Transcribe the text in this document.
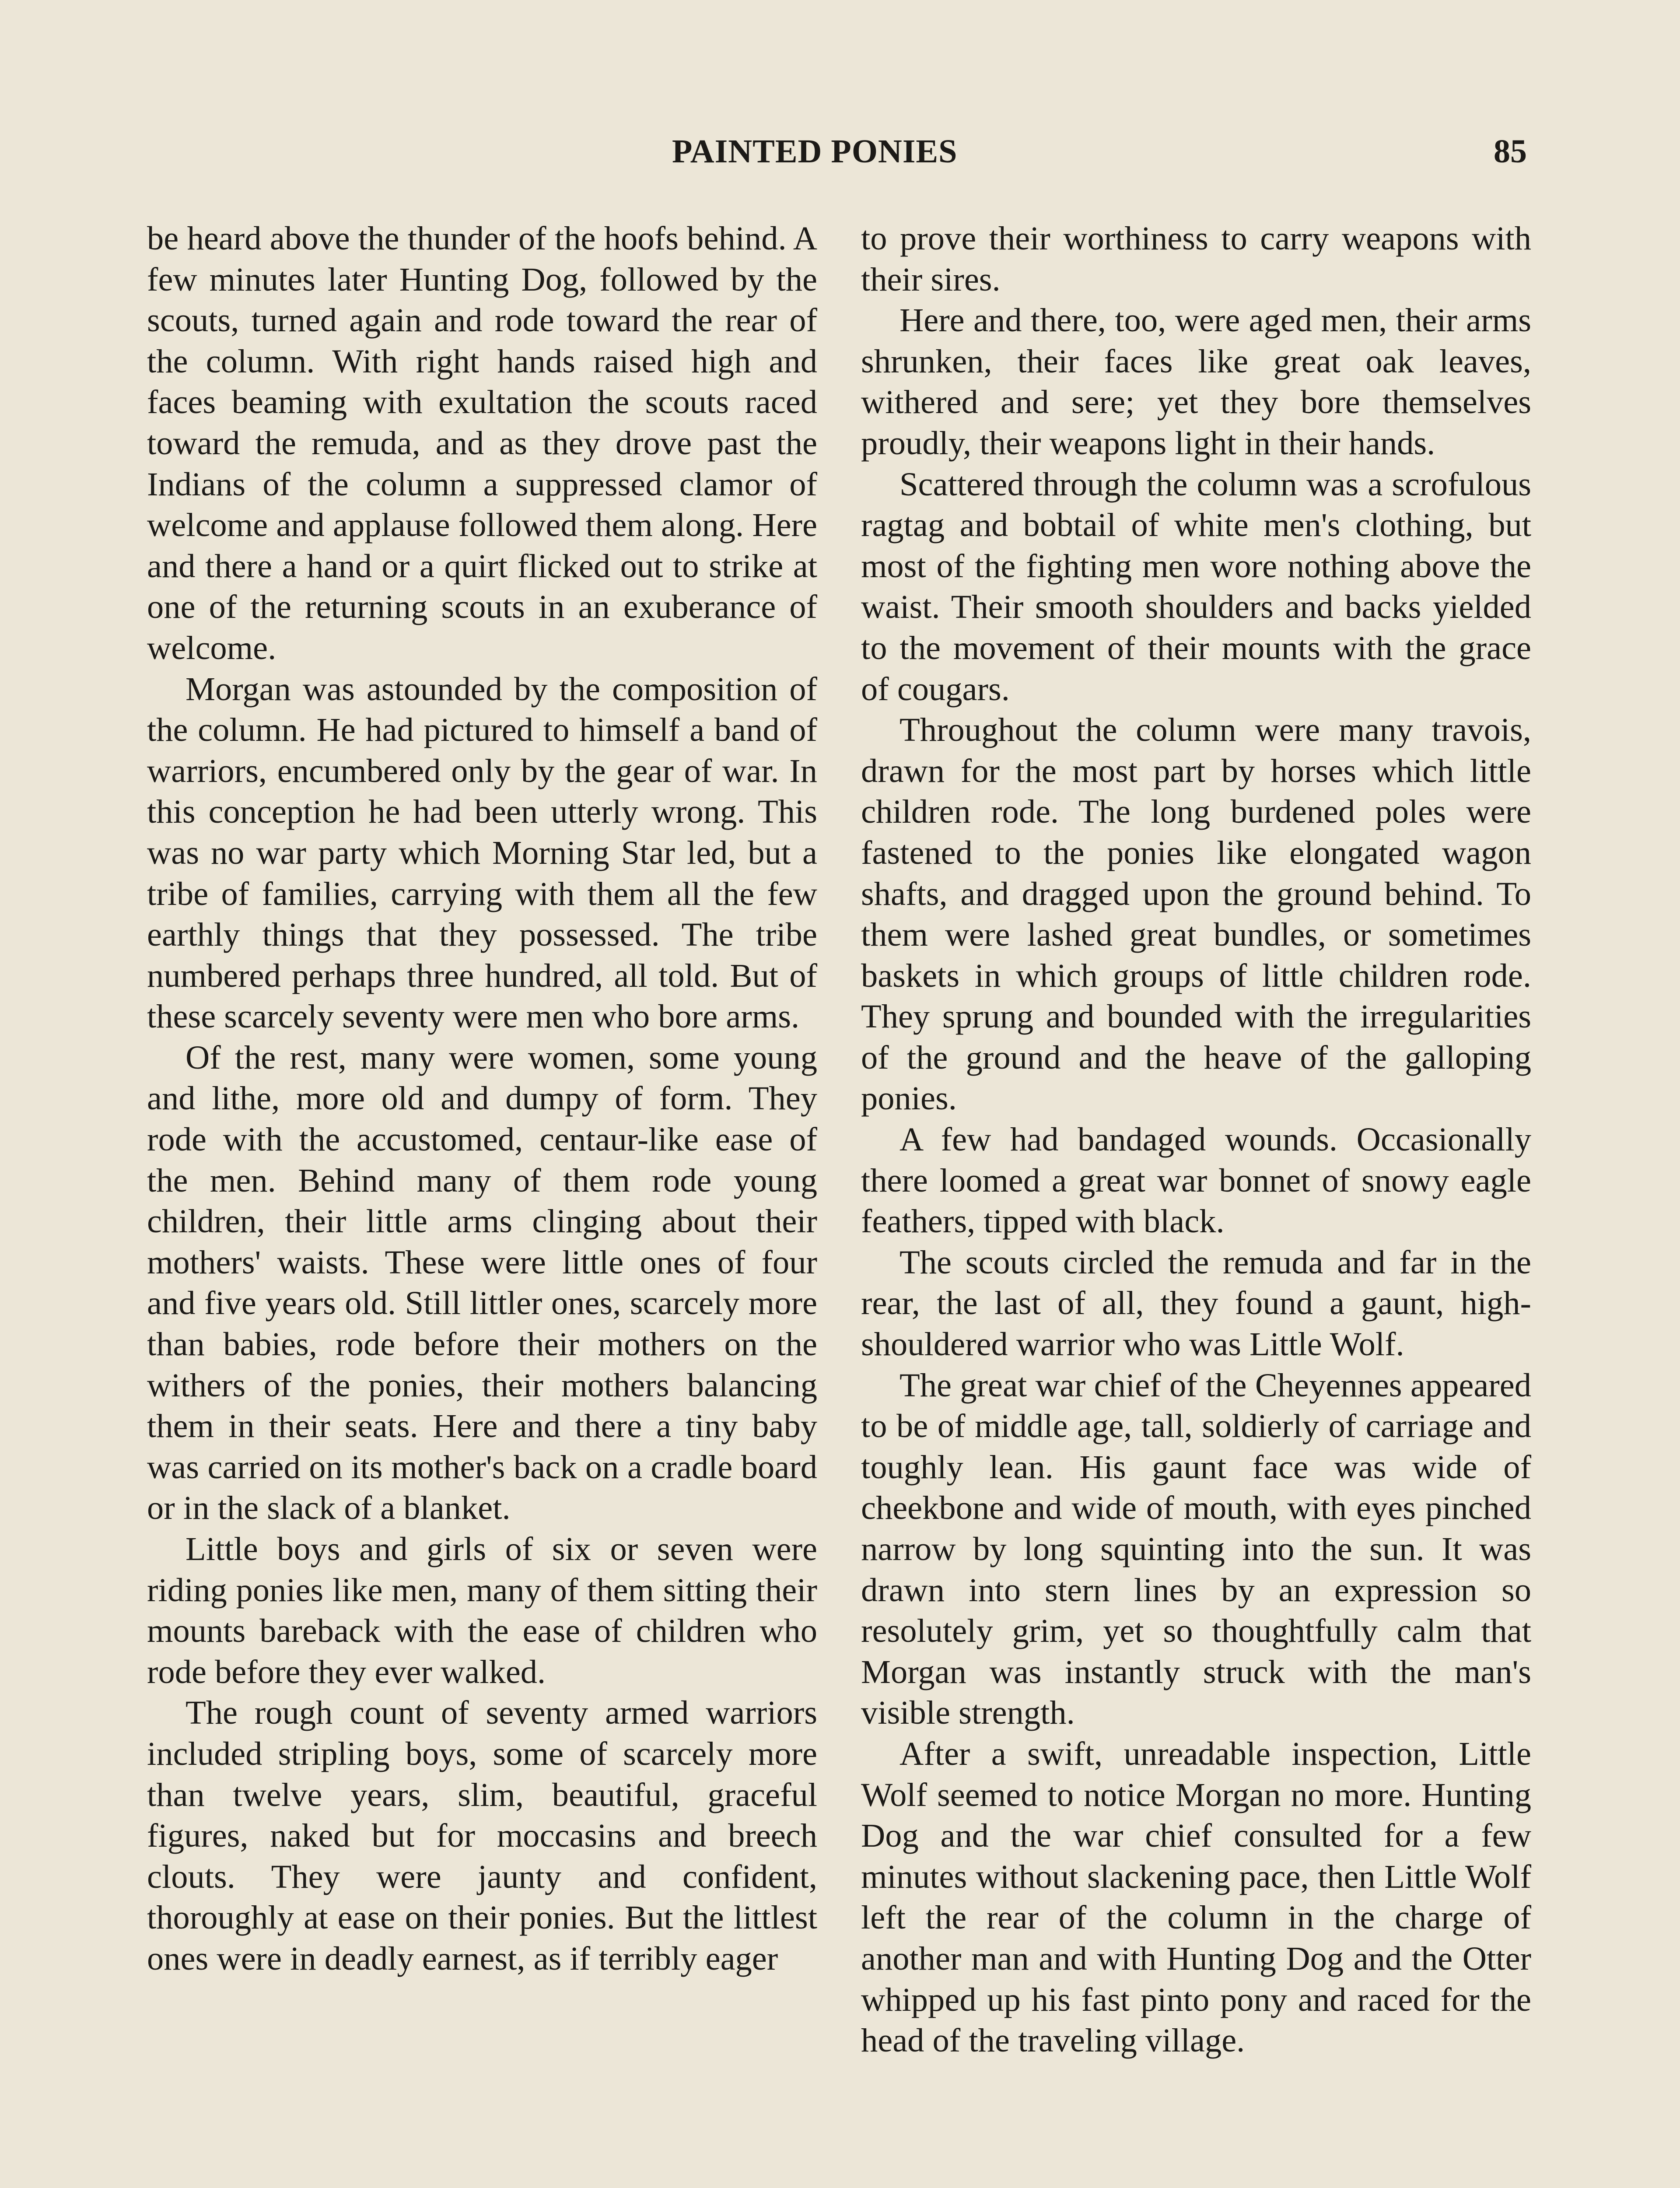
PAINTED PONIES	85

be heard above the thunder of the hoofs behind. A few minutes later Hunting Dog, followed by the scouts, turned again and rode toward the rear of the column. With right hands raised high and faces beaming with exultation the scouts raced toward the remuda, and as they drove past the Indians of the column a suppressed clamor of welcome and applause followed them along. Here and there a hand or a quirt flicked out to strike at one of the returning scouts in an exuberance of welcome.

Morgan was astounded by the composition of the column. He had pictured to himself a band of warriors, encumbered only by the gear of war. In this conception he had been utterly wrong. This was no war party which Morning Star led, but a tribe of families, carrying with them all the few earthly things that they possessed. The tribe numbered perhaps three hundred, all told. But of these scarcely seventy were men who bore arms.

Of the rest, many were women, some young and lithe, more old and dumpy of form. They rode with the accustomed, centaur-like ease of the men. Behind many of them rode young children, their little arms clinging about their mothers' waists. These were little ones of four and five years old. Still littler ones, scarcely more than babies, rode before their mothers on the withers of the ponies, their mothers balancing them in their seats. Here and there a tiny baby was carried on its mother's back on a cradle board or in the slack of a blanket.

Little boys and girls of six or seven were riding ponies like men, many of them sitting their mounts bareback with the ease of children who rode before they ever walked.

The rough count of seventy armed warriors included stripling boys, some of scarcely more than twelve years, slim, beautiful, graceful figures, naked but for moccasins and breech clouts. They were jaunty and confident, thoroughly at ease on their ponies. But the littlest ones were in deadly earnest, as if terribly eager

to prove their worthiness to carry weapons with their sires.

Here and there, too, were aged men, their arms shrunken, their faces like great oak leaves, withered and sere; yet they bore themselves proudly, their weapons light in their hands.

Scattered through the column was a scrofulous ragtag and bobtail of white men's clothing, but most of the fighting men wore nothing above the waist. Their smooth shoulders and backs yielded to the movement of their mounts with the grace of cougars.

Throughout the column were many travois, drawn for the most part by horses which little children rode. The long burdened poles were fastened to the ponies like elongated wagon shafts, and dragged upon the ground behind. To them were lashed great bundles, or sometimes baskets in which groups of little children rode. They sprung and bounded with the irregularities of the ground and the heave of the galloping ponies.

A few had bandaged wounds. Occasionally there loomed a great war bonnet of snowy eagle feathers, tipped with black.

The scouts circled the remuda and far in the rear, the last of all, they found a gaunt, high-shouldered warrior who was Little Wolf.

The great war chief of the Cheyennes appeared to be of middle age, tall, soldierly of carriage and toughly lean. His gaunt face was wide of cheekbone and wide of mouth, with eyes pinched narrow by long squinting into the sun. It was drawn into stern lines by an expression so resolutely grim, yet so thoughtfully calm that Morgan was instantly struck with the man's visible strength.

After a swift, unreadable inspection, Little Wolf seemed to notice Morgan no more. Hunting Dog and the war chief consulted for a few minutes without slackening pace, then Little Wolf left the rear of the column in the charge of another man and with Hunting Dog and the Otter whipped up his fast pinto pony and raced for the head of the traveling village.
